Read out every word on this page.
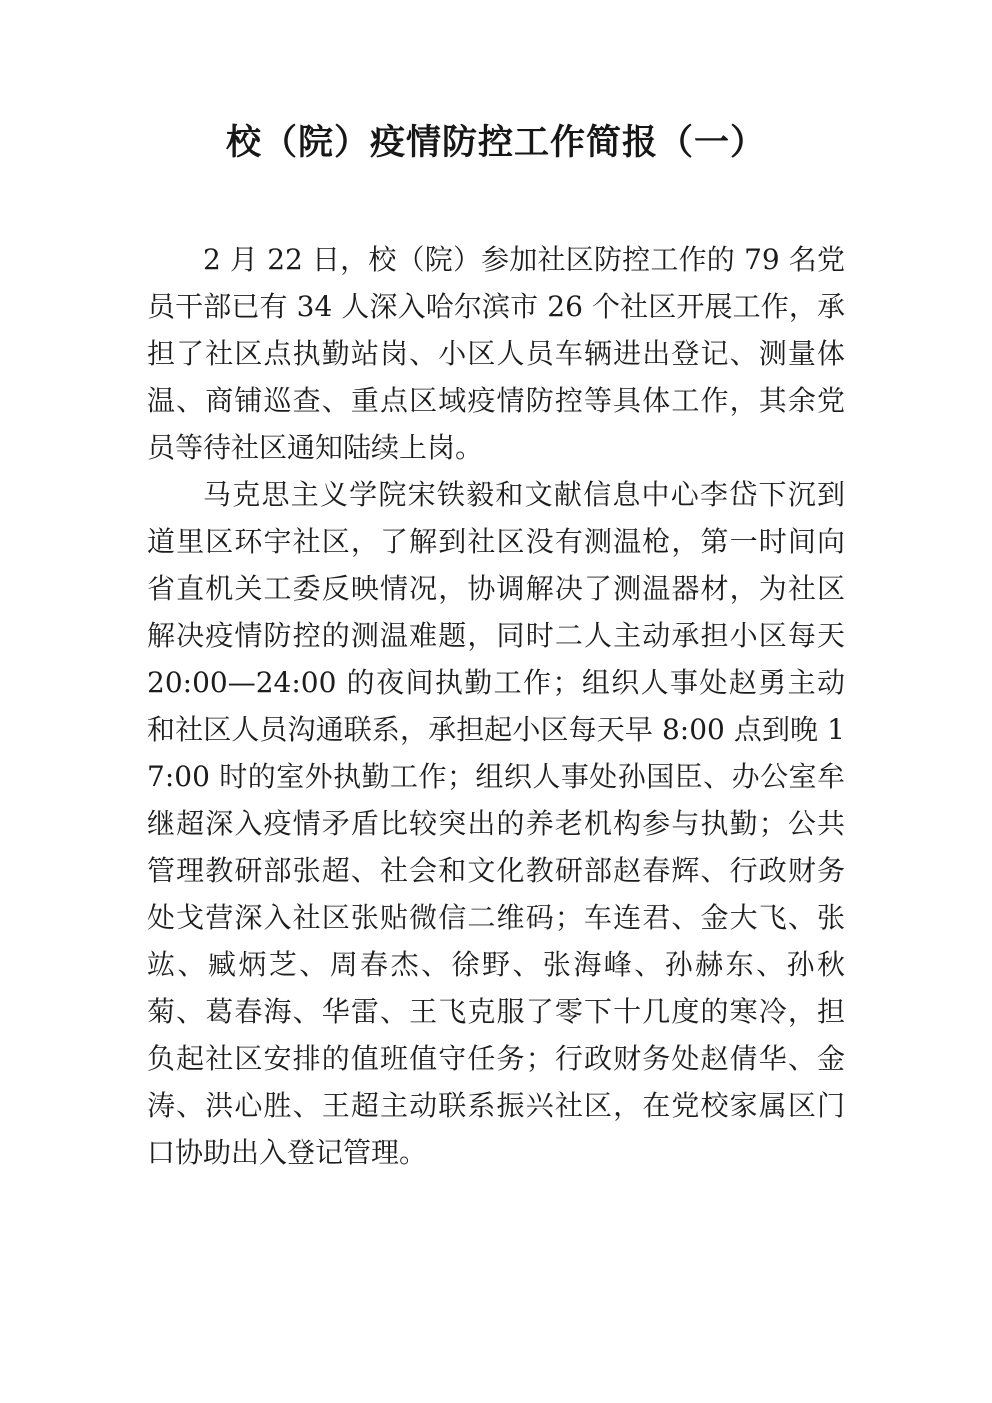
校（院）疫情防控工作简报（一）

2 月 22 日，校（院）参加社区防控工作的 79 名党员干部已有 34 人深入哈尔滨市 26 个社区开展工作，承担了社区点执勤站岗、小区人员车辆进出登记、测量体温、商铺巡查、重点区域疫情防控等具体工作，其余党员等待社区通知陆续上岗。

马克思主义学院宋铁毅和文献信息中心李岱下沉到道里区环宇社区，了解到社区没有测温枪，第一时间向省直机关工委反映情况，协调解决了测温器材，为社区解决疫情防控的测温难题，同时二人主动承担小区每天 20:00—24:00 的夜间执勤工作；组织人事处赵勇主动和社区人员沟通联系，承担起小区每天早 8:00 点到晚 17:00 时的室外执勤工作；组织人事处孙国臣、办公室牟继超深入疫情矛盾比较突出的养老机构参与执勤；公共管理教研部张超、社会和文化教研部赵春辉、行政财务处戈营深入社区张贴微信二维码；车连君、金大飞、张竑、臧炳芝、周春杰、徐野、张海峰、孙赫东、孙秋菊、葛春海、华雷、王飞克服了零下十几度的寒冷，担负起社区安排的值班值守任务；行政财务处赵倩华、金涛、洪心胜、王超主动联系振兴社区，在党校家属区门口协助出入登记管理。
